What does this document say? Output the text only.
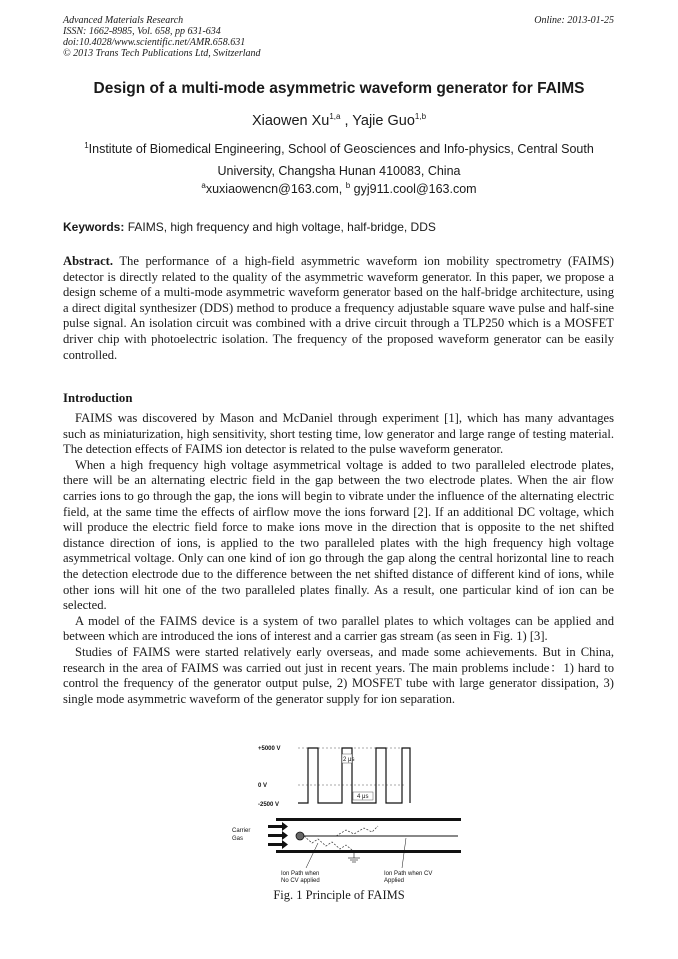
Advanced Materials Research
ISSN: 1662-8985, Vol. 658, pp 631-634
doi:10.4028/www.scientific.net/AMR.658.631
© 2013 Trans Tech Publications Ltd, Switzerland
Online: 2013-01-25
Design of a multi-mode asymmetric waveform generator for FAIMS
Xiaowen Xu$^{1,a}$ , Yajie Guo$^{1,b}$
$^1$Institute of Biomedical Engineering, School of Geosciences and Info-physics, Central South University, Changsha Hunan 410083, China
$^a$xuxiaowencn@163.com, $^b$ gyj911.cool@163.com
Keywords: FAIMS, high frequency and high voltage, half-bridge, DDS
Abstract. The performance of a high-field asymmetric waveform ion mobility spectrometry (FAIMS) detector is directly related to the quality of the asymmetric waveform generator. In this paper, we propose a design scheme of a multi-mode asymmetric waveform generator based on the half-bridge architecture, using a direct digital synthesizer (DDS) method to produce a frequency adjustable square wave pulse and half-sine pulse signal. An isolation circuit was combined with a drive circuit through a TLP250 which is a MOSFET driver chip with photoelectric isolation. The frequency of the proposed waveform generator can be easily controlled.
Introduction

FAIMS was discovered by Mason and McDaniel through experiment [1], which has many advantages such as miniaturization, high sensitivity, short testing time, low generator and large range of testing material. The detection effects of FAIMS ion detector is related to the pulse waveform generator.

When a high frequency high voltage asymmetrical voltage is added to two paralleled electrode plates, there will be an alternating electric field in the gap between the two electrode plates. When the air flow carries ions to go through the gap, the ions will begin to vibrate under the influence of the alternating electric field, at the same time the effects of airflow move the ions forward [2]. If an additional DC voltage, which will produce the electric field force to make ions move in the direction that is opposite to the net shifted distance direction of ions, is applied to the two paralleled plates with the high frequency high voltage asymmetrical voltage. Only can one kind of ion go through the gap along the central horizontal line to reach the detection electrode due to the difference between the net shifted distance of different kind of ions, while other ions will hit one of the two paralleled plates finally. As a result, one particular kind of ion can be selected.

A model of the FAIMS device is a system of two parallel plates to which voltages can be applied and between which are introduced the ions of interest and a carrier gas stream (as seen in Fig. 1) [3].

Studies of FAIMS were started relatively early overseas, and made some achievements. But in China, research in the area of FAIMS was carried out just in recent years. The main problems include：1) hard to control the frequency of the generator output pulse, 2) MOSFET tube with large generator dissipation, 3) single mode asymmetric waveform of the generator supply for ion separation.

+5000 V
0 V
-2500 V
2 μs
4 μs
Carrier
Gas
Ion Path when
No CV applied
Ion Path when CV
Applied
Fig. 1 Principle of FAIMS
